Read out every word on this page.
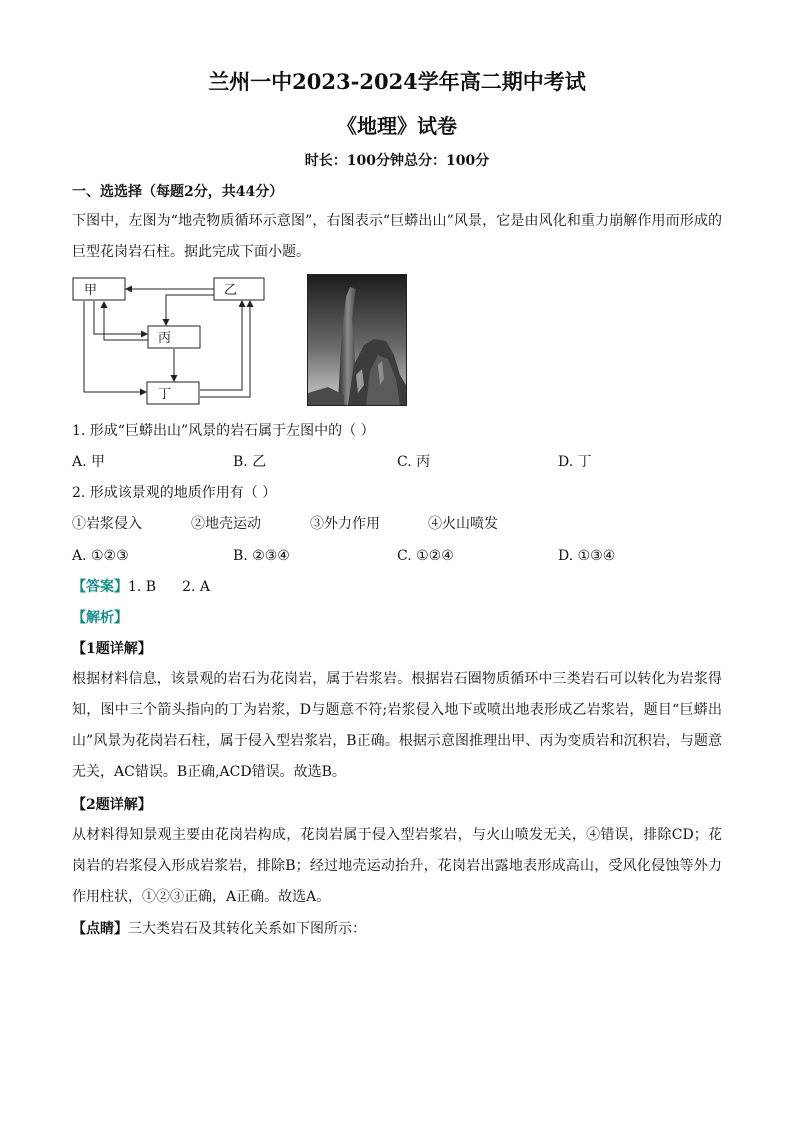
兰州一中2023-2024学年高二期中考试
《地理》试卷
时长：100分钟总分：100分
一、选选择（每题2分，共44分）
下图中，左图为“地壳物质循环示意图”，右图表示“巨蟒出山”风景，它是由风化和重力崩解作用而形成的巨型花岗岩石柱。据此完成下面小题。
甲	乙
丙
丁
1. 形成“巨蟒出山”风景的岩石属于左图中的（ ）
A. 甲	B. 乙	C. 丙	D. 丁
2. 形成该景观的地质作用有（ ）
①岩浆侵入	②地壳运动	③外力作用	④火山喷发
A. ①②③	B. ②③④	C. ①②④	D. ①③④
【答案】1. B 2. A
【解析】
【1题详解】
根据材料信息，该景观的岩石为花岗岩，属于岩浆岩。根据岩石圈物质循环中三类岩石可以转化为岩浆得知，图中三个箭头指向的丁为岩浆，D与题意不符;岩浆侵入地下或喷出地表形成乙岩浆岩，题目“巨蟒出山”风景为花岗岩石柱，属于侵入型岩浆岩，B正确。根据示意图推理出甲、丙为变质岩和沉积岩，与题意无关，AC错误。B正确,ACD错误。故选B。
【2题详解】
从材料得知景观主要由花岗岩构成，花岗岩属于侵入型岩浆岩，与火山喷发无关，④错误，排除CD；花岗岩的岩浆侵入形成岩浆岩，排除B；经过地壳运动抬升，花岗岩出露地表形成高山，受风化侵蚀等外力作用柱状，①②③正确，A正确。故选A。
【点睛】三大类岩石及其转化关系如下图所示：
